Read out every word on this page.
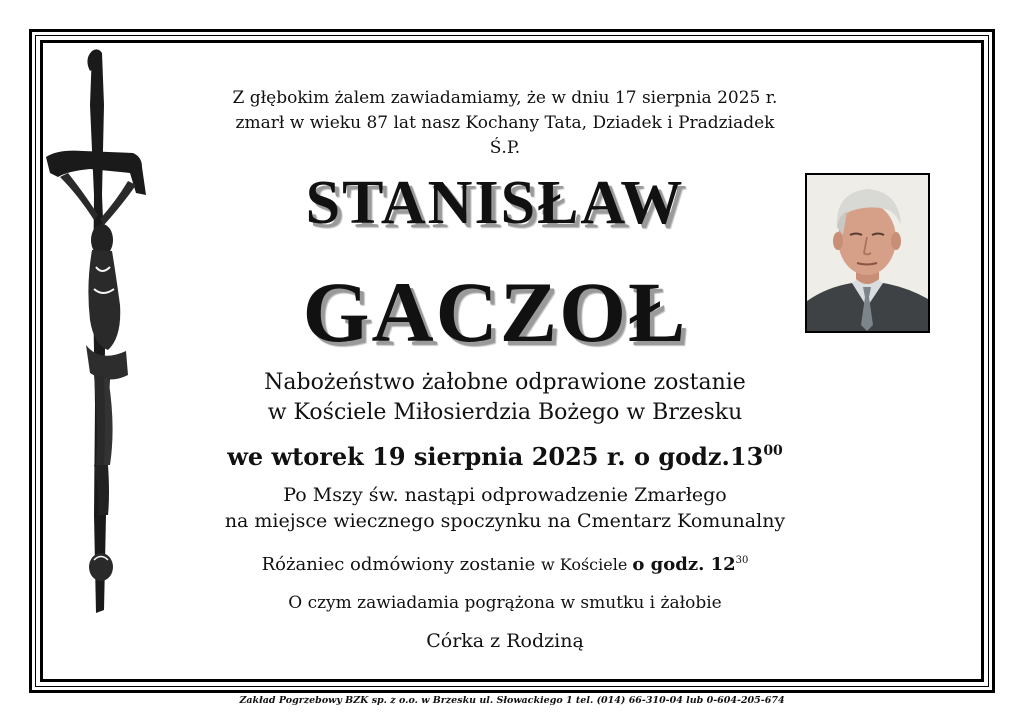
Z głębokim żalem zawiadamiamy, że w dniu 17 sierpnia 2025 r.
zmarł w wieku 87 lat nasz Kochany Tata, Dziadek i Pradziadek
Ś.P.
STANISŁAW
GACZOŁ
Nabożeństwo żałobne odprawione zostanie
w Kościele Miłosierdzia Bożego w Brzesku
we wtorek 19 sierpnia 2025 r. o $godz.13^{00}$
Po Mszy św. nastąpi odprowadzenie Zmarłego
na miejsce wiecznego spoczynku na Cmentarz Komunalny
Różaniec odmówiony zostanie w Kościele o godz. $12^{30}$
O czym zawiadamia pogrążona w smutku i żałobie
Córka z Rodziną
Zakład Pogrzebowy BZK sp. z o.o. w Brzesku ul. Słowackiego 1 tel. (014) 66-310-04 lub 0-604-205-674
